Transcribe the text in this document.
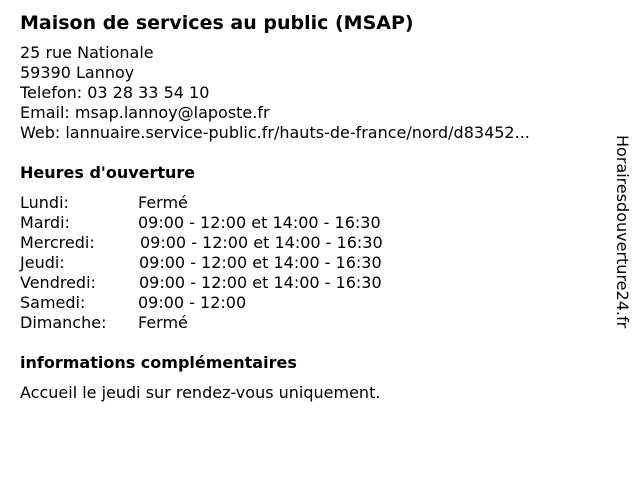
Maison de services au public (MSAP)
25 rue Nationale
59390 Lannoy
Telefon: 03 28 33 54 10
Email: msap.lannoy@laposte.fr
Web: lannuaire.service-public.fr/hauts-de-france/nord/d83452...
Heures d'ouverture
Lundi:	Fermé
Mardi:	09:00 - 12:00 et 14:00 - 16:30
Mercredi:	09:00 - 12:00 et 14:00 - 16:30
Jeudi:	09:00 - 12:00 et 14:00 - 16:30
Vendredi:	09:00 - 12:00 et 14:00 - 16:30
Samedi:	09:00 - 12:00
Dimanche: Fermé
informations complémentaires
Accueil le jeudi sur rendez-vous uniquement.
Horairesdouverture24.fr
